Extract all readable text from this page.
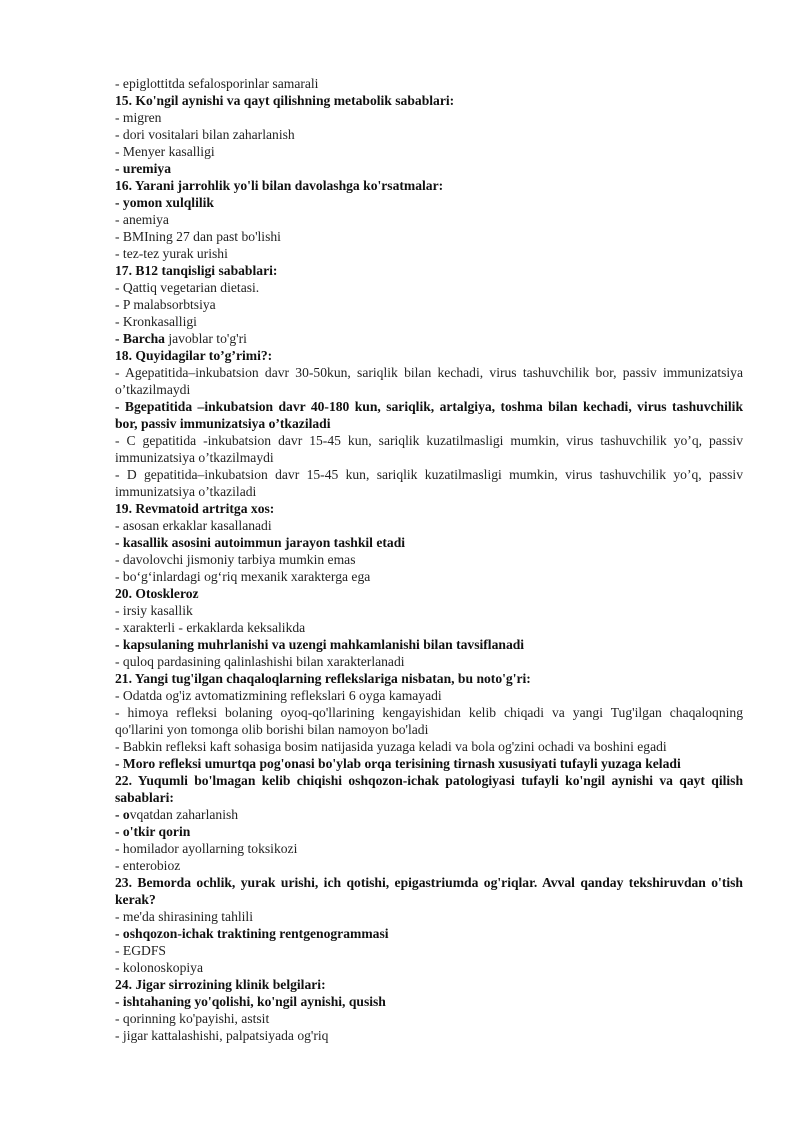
- epiglottitda sefalosporinlar samarali

15. Ko'ngil aynishi va qayt qilishning metabolik sabablari:

- migren

- dori vositalari bilan zaharlanish

- Menyer kasalligi

- uremiya

16. Yarani jarrohlik yo'li bilan davolashga ko'rsatmalar:

- yomon xulqlilik

- anemiya

- BMIning 27 dan past bo'lishi

- tez-tez yurak urishi

17. B12 tanqisligi sabablari:

- Qattiq vegetarian dietasi.

- P malabsorbtsiya

- Kronkasalligi

- Barcha javoblar to'g'ri

18. Quyidagilar to’g’rimi?:

- Agepatitida–inkubatsion davr 30-50kun, sariqlik bilan kechadi, virus tashuvchilik bor, passiv immunizatsiya o’tkazilmaydi

- Bgepatitida –inkubatsion davr 40-180 kun, sariqlik, artalgiya, toshma bilan kechadi, virus tashuvchilik bor, passiv immunizatsiya o’tkaziladi

- C gepatitida -inkubatsion davr 15-45 kun, sariqlik kuzatilmasligi mumkin, virus tashuvchilik yo’q, passiv immunizatsiya o’tkazilmaydi

- D gepatitida–inkubatsion davr 15-45 kun, sariqlik kuzatilmasligi mumkin, virus tashuvchilik yo’q, passiv immunizatsiya o’tkaziladi

19. Revmatoid artritga xos:

- asosan erkaklar kasallanadi

- kasallik asosini autoimmun jarayon tashkil etadi

- davolovchi jismoniy tarbiya mumkin emas

- bo‘g‘inlardagi og‘riq mexanik xarakterga ega

20. Otoskleroz

- irsiy kasallik

- xarakterli - erkaklarda keksalikda

- kapsulaning muhrlanishi va uzengi mahkamlanishi bilan tavsiflanadi

- quloq pardasining qalinlashishi bilan xarakterlanadi

21. Yangi tug'ilgan chaqaloqlarning reflekslariga nisbatan, bu noto'g'ri:

- Odatda og'iz avtomatizmining reflekslari 6 oyga kamayadi

- himoya refleksi bolaning oyoq-qo'llarining kengayishidan kelib chiqadi va yangi Tug'ilgan chaqaloqning qo'llarini yon tomonga olib borishi bilan namoyon bo'ladi

- Babkin refleksi kaft sohasiga bosim natijasida yuzaga keladi va bola og'zini ochadi va boshini egadi

- Moro refleksi umurtqa pog'onasi bo'ylab orqa terisining tirnash xususiyati tufayli yuzaga keladi

22. Yuqumli bo'lmagan kelib chiqishi oshqozon-ichak patologiyasi tufayli ko'ngil aynishi va qayt qilish sabablari:

- ovqatdan zaharlanish

- o'tkir qorin

- homilador ayollarning toksikozi

- enterobioz

23. Bemorda ochlik, yurak urishi, ich qotishi, epigastriumda og'riqlar. Avval qanday tekshiruvdan o'tish kerak?

- me'da shirasining tahlili

- oshqozon-ichak traktining rentgenogrammasi

- EGDFS

- kolonoskopiya

24. Jigar sirrozining klinik belgilari:

- ishtahaning yo'qolishi, ko'ngil aynishi, qusish

- qorinning ko'payishi, astsit

- jigar kattalashishi, palpatsiyada og'riq
